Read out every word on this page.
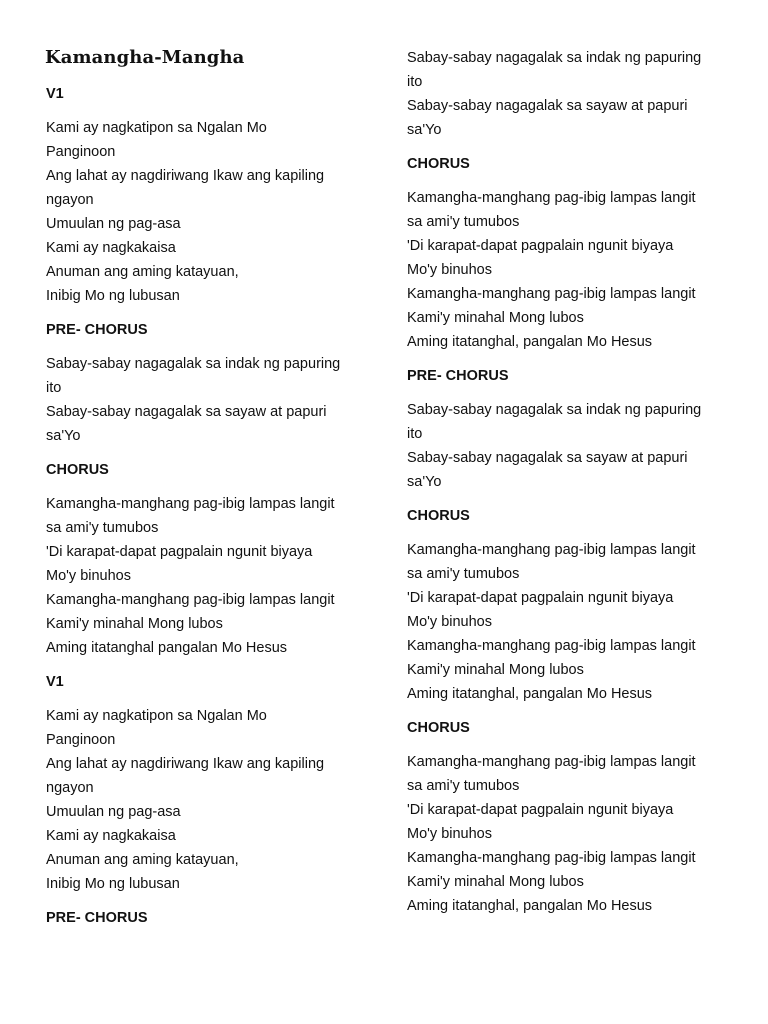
Kamangha-Mangha

V1

Kami ay nagkatipon sa Ngalan Mo

Panginoon

Ang lahat ay nagdiriwang Ikaw ang kapiling

ngayon

Umuulan ng pag-asa

Kami ay nagkakaisa

Anuman ang aming katayuan,

Inibig Mo ng lubusan

PRE- CHORUS

Sabay-sabay nagagalak sa indak ng papuring

ito

Sabay-sabay nagagalak sa sayaw at papuri

sa'Yo

CHORUS

Kamangha-manghang pag-ibig lampas langit

sa ami'y tumubos

'Di karapat-dapat pagpalain ngunit biyaya

Mo'y binuhos

Kamangha-manghang pag-ibig lampas langit

Kami'y minahal Mong lubos

Aming itatanghal pangalan Mo Hesus

V1

Kami ay nagkatipon sa Ngalan Mo

Panginoon

Ang lahat ay nagdiriwang Ikaw ang kapiling

ngayon

Umuulan ng pag-asa

Kami ay nagkakaisa

Anuman ang aming katayuan,

Inibig Mo ng lubusan

PRE- CHORUS

Sabay-sabay nagagalak sa indak ng papuring

ito

Sabay-sabay nagagalak sa sayaw at papuri

sa'Yo

CHORUS

Kamangha-manghang pag-ibig lampas langit

sa ami'y tumubos

'Di karapat-dapat pagpalain ngunit biyaya

Mo'y binuhos

Kamangha-manghang pag-ibig lampas langit

Kami'y minahal Mong lubos

Aming itatanghal, pangalan Mo Hesus

PRE- CHORUS

Sabay-sabay nagagalak sa indak ng papuring

ito

Sabay-sabay nagagalak sa sayaw at papuri

sa'Yo

CHORUS

Kamangha-manghang pag-ibig lampas langit

sa ami'y tumubos

'Di karapat-dapat pagpalain ngunit biyaya

Mo'y binuhos

Kamangha-manghang pag-ibig lampas langit

Kami'y minahal Mong lubos

Aming itatanghal, pangalan Mo Hesus

CHORUS

Kamangha-manghang pag-ibig lampas langit

sa ami'y tumubos

'Di karapat-dapat pagpalain ngunit biyaya

Mo'y binuhos

Kamangha-manghang pag-ibig lampas langit

Kami'y minahal Mong lubos

Aming itatanghal, pangalan Mo Hesus
